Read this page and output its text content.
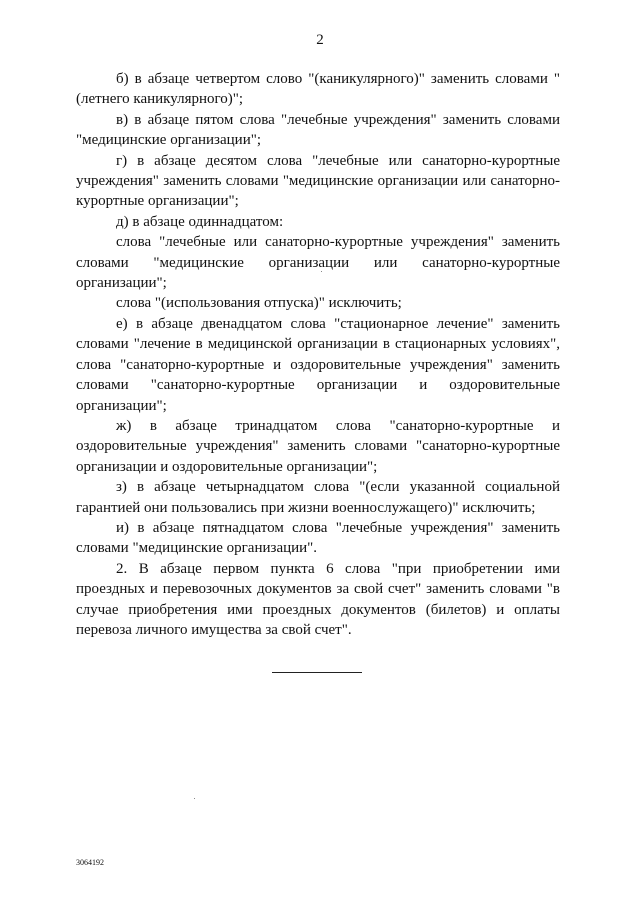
2

б) в абзаце четвертом слово "(каникулярного)" заменить словами "(летнего каникулярного)";

в) в абзаце пятом слова "лечебные учреждения" заменить словами "медицинские организации";

г) в абзаце десятом слова "лечебные или санаторно-курортные учреждения" заменить словами "медицинские организации или санаторно-курортные организации";

д) в абзаце одиннадцатом:

слова "лечебные или санаторно-курортные учреждения" заменить словами "медицинские организации или санаторно-курортные организации";

слова "(использования отпуска)" исключить;

е) в абзаце двенадцатом слова "стационарное лечение" заменить словами "лечение в медицинской организации в стационарных условиях", слова "санаторно-курортные и оздоровительные учреждения" заменить словами "санаторно-курортные организации и оздоровительные организации";

ж) в абзаце тринадцатом слова "санаторно-курортные и оздоровительные учреждения" заменить словами "санаторно-курортные организации и оздоровительные организации";

з) в абзаце четырнадцатом слова "(если указанной социальной гарантией они пользовались при жизни военнослужащего)" исключить;

и) в абзаце пятнадцатом слова "лечебные учреждения" заменить словами "медицинские организации".

2. В абзаце первом пункта 6 слова "при приобретении ими проездных и перевозочных документов за свой счет" заменить словами "в случае приобретения ими проездных документов (билетов) и оплаты перевоза личного имущества за свой счет".

3064192
